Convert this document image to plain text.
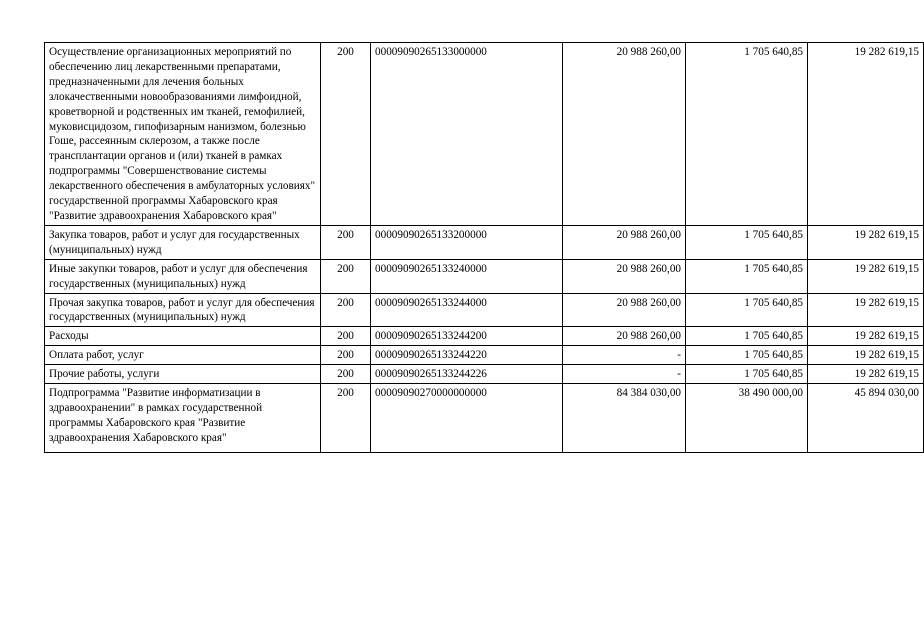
Осуществление организационных мероприятий по обеспечению лиц лекарственными препаратами, предназначенными для лечения больных злокачественными новообразованиями лимфоидной, кроветворной и родственных им тканей, гемофилией, муковисцидозом, гипофизарным нанизмом, болезнью Гоше, рассеянным склерозом, а также после трансплантации органов и (или) тканей в рамках подпрограммы "Совершенствование системы лекарственного обеспечения в амбулаторных условиях" государственной программы Хабаровского края "Развитие здравоохранения Хабаровского края"	200	00009090265133000000	20 988 260,00	1 705 640,85	19 282 619,15
Закупка товаров, работ и услуг для государственных (муниципальных) нужд	200	00009090265133200000	20 988 260,00	1 705 640,85	19 282 619,15
Иные закупки товаров, работ и услуг для обеспечения государственных (муниципальных) нужд	200	00009090265133240000	20 988 260,00	1 705 640,85	19 282 619,15
Прочая закупка товаров, работ и услуг для обеспечения государственных (муниципальных) нужд	200	00009090265133244000	20 988 260,00	1 705 640,85	19 282 619,15
Расходы	200	00009090265133244200	20 988 260,00	1 705 640,85	19 282 619,15
Оплата работ, услуг	200	00009090265133244220	-	1 705 640,85	19 282 619,15
Прочие работы, услуги	200	00009090265133244226	-	1 705 640,85	19 282 619,15
Подпрограмма "Развитие информатизации в здравоохранении" в рамках государственной программы Хабаровского края "Развитие здравоохранения Хабаровского края"	200	00009090270000000000	84 384 030,00	38 490 000,00	45 894 030,00
